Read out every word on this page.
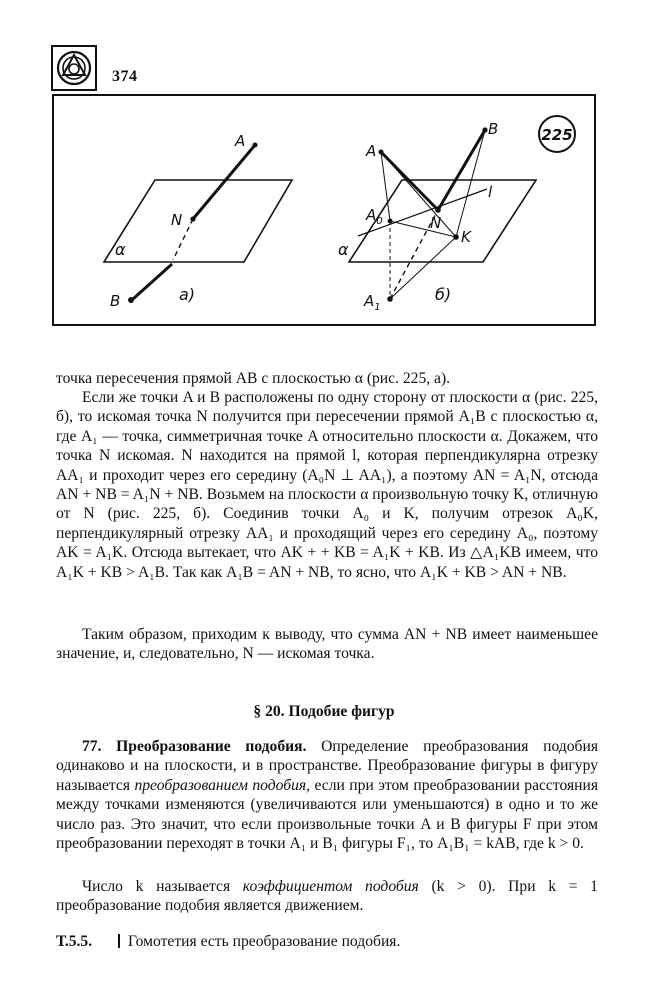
374
A
N
B
α
а)
A
B
$A_0$	N
l
K
α
$A_1$
б)
225

точка пересечения прямой AB с плоскостью α (рис. 225, а).

Если же точки A и B расположены по одну сторону от плоскости α (рис. 225, б), то искомая точка N получится при пересечении прямой A₁B с плоскостью α, где A₁ — точка, симметричная точке A относительно плоскости α. Докажем, что точка N искомая. N находится на прямой l, которая перпендикулярна отрезку AA₁ и проходит через его середину (A₀N ⊥ AA₁), а поэтому AN = A₁N, отсюда AN + NB = A₁N + NB. Возьмем на плоскости α произвольную точку K, отличную от N (рис. 225, б). Соединив точки A₀ и K, получим отрезок A₀K, перпендикулярный отрезку AA₁ и проходящий через его середину A₀, поэтому AK = A₁K. Отсюда вытекает, что AK + + KB = A₁K + KB. Из △A₁KB имеем, что A₁K + KB > A₁B. Так как A₁B = AN + NB, то ясно, что A₁K + KB > AN + NB.

Таким образом, приходим к выводу, что сумма AN + NB имеет наименьшее значение, и, следовательно, N — искомая точка.

§ 20. Подобие фигур

77. Преобразование подобия. Определение преобразования подобия одинаково и на плоскости, и в пространстве. Преобразование фигуры в фигуру называется преобразованием подобия, если при этом преобразовании расстояния между точками изменяются (увеличиваются или уменьшаются) в одно и то же число раз. Это значит, что если произвольные точки A и B фигуры F при этом преобразовании переходят в точки A₁ и B₁ фигуры F₁, то A₁B₁ = kAB, где k > 0.

Число k называется коэффициентом подобия (k > 0). При k = 1 преобразование подобия является движением.

Т.5.5. Гомотетия есть преобразование подобия.
